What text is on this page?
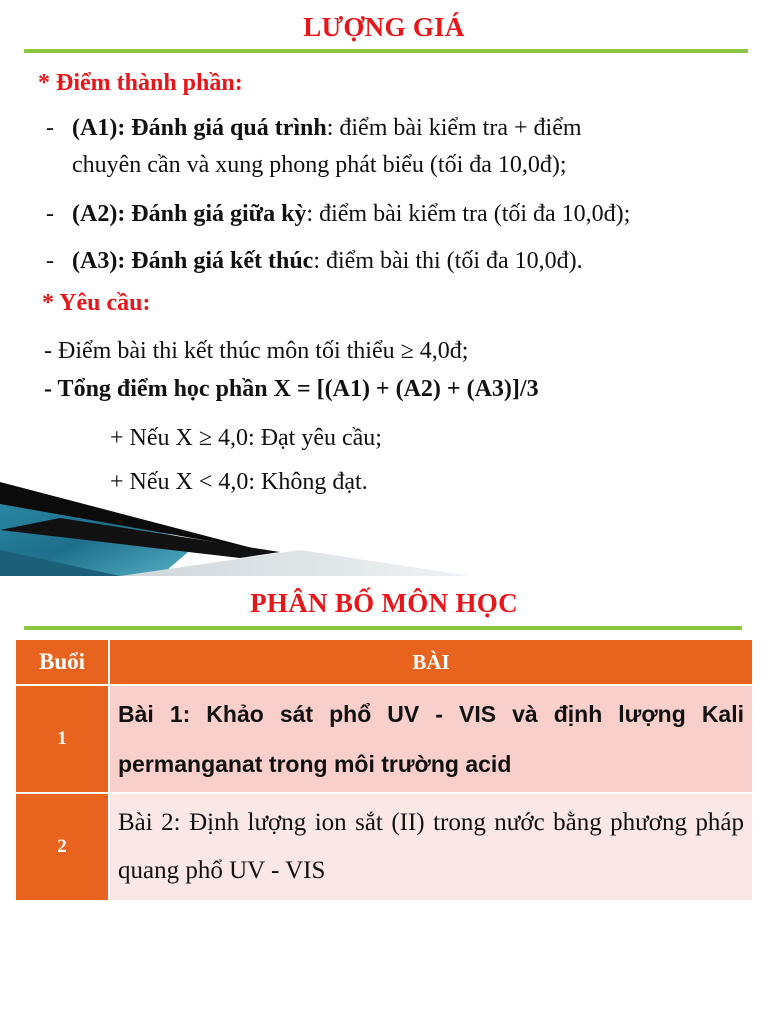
LƯỢNG GIÁ
* Điểm thành phần:
- (A1): Đánh giá quá trình: điểm bài kiểm tra + điểm
chuyên cần và xung phong phát biểu (tối đa 10,0đ);
- (A2): Đánh giá giữa kỳ: điểm bài kiểm tra (tối đa 10,0đ);
- (A3): Đánh giá kết thúc: điểm bài thi (tối đa 10,0đ).
* Yêu cầu:
- Điểm bài thi kết thúc môn tối thiểu ≥ 4,0đ;
- Tổng điểm học phần X = [(A1) + (A2) + (A3)]/3
+ Nếu X ≥ 4,0: Đạt yêu cầu;
+ Nếu X < 4,0: Không đạt.
PHÂN BỐ MÔN HỌC
Buổi	BÀI
1	Bài 1: Khảo sát phổ UV - VIS và định lượng Kali permanganat trong môi trường acid

2	Bài 2: Định lượng ion sắt (II) trong nước bằng phương pháp quang phổ UV - VIS
